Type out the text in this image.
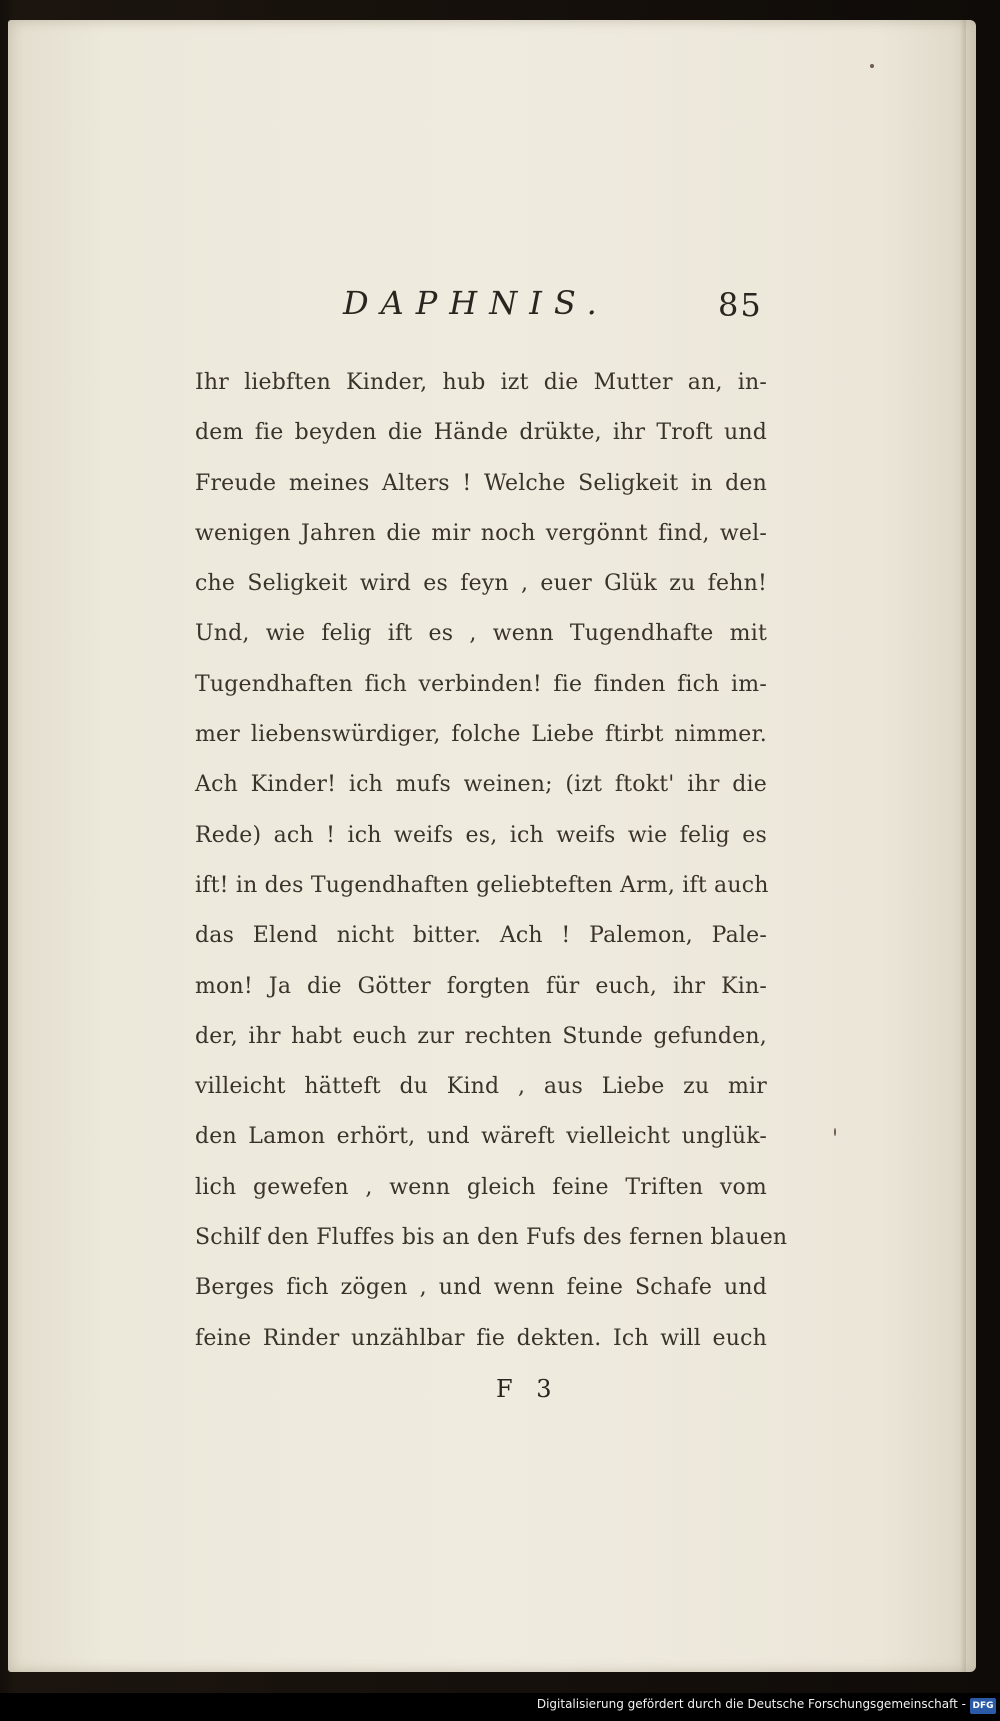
DAPHNIS.	85
Ihr liebften Kinder, hub izt die Mutter an, in-
dem fie beyden die Hände drükte, ihr Troft und
Freude meines Alters ! Welche Seligkeit in den
wenigen Jahren die mir noch vergönnt find, wel-
che Seligkeit wird es feyn , euer Glük zu fehn!
Und, wie felig ift es , wenn Tugendhafte mit
Tugendhaften fich verbinden! fie finden fich im-
mer liebenswürdiger, folche Liebe ftirbt nimmer.
Ach Kinder! ich mufs weinen; (izt ftokt' ihr die
Rede) ach ! ich weifs es, ich weifs wie felig es
ift! in des Tugendhaften geliebteften Arm, ift auch
das Elend nicht bitter. Ach ! Palemon, Pale-
mon! Ja die Götter forgten für euch, ihr Kin-
der, ihr habt euch zur rechten Stunde gefunden,
villeicht hätteft du Kind , aus Liebe zu mir
den Lamon erhört, und wäreft vielleicht unglük-
lich gewefen , wenn gleich feine Triften vom
Schilf den Fluffes bis an den Fufs des fernen blauen
Berges fich zögen , und wenn feine Schafe und
feine Rinder unzählbar fie dekten. Ich will euch
F 3
Digitalisierung gefördert durch die Deutsche Forschungsgemeinschaft - DFG
